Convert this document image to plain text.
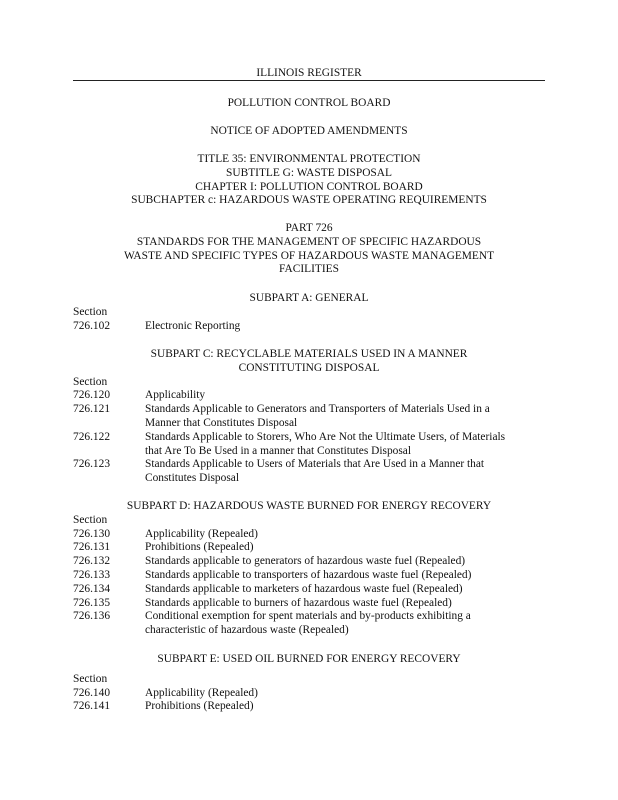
ILLINOIS REGISTER
POLLUTION CONTROL BOARD
NOTICE OF ADOPTED AMENDMENTS
TITLE 35: ENVIRONMENTAL PROTECTION
SUBTITLE G: WASTE DISPOSAL
CHAPTER I: POLLUTION CONTROL BOARD
SUBCHAPTER c: HAZARDOUS WASTE OPERATING REQUIREMENTS
PART 726
STANDARDS FOR THE MANAGEMENT OF SPECIFIC HAZARDOUS
WASTE AND SPECIFIC TYPES OF HAZARDOUS WASTE MANAGEMENT
FACILITIES
SUBPART A: GENERAL
Section
726.102	Electronic Reporting
SUBPART C: RECYCLABLE MATERIALS USED IN A MANNER
CONSTITUTING DISPOSAL
Section
726.120	Applicability
726.121	Standards Applicable to Generators and Transporters of Materials Used in a
Manner that Constitutes Disposal
726.122	Standards Applicable to Storers, Who Are Not the Ultimate Users, of Materials
that Are To Be Used in a manner that Constitutes Disposal
726.123	Standards Applicable to Users of Materials that Are Used in a Manner that
Constitutes Disposal
SUBPART D: HAZARDOUS WASTE BURNED FOR ENERGY RECOVERY
Section
726.130	Applicability (Repealed)
726.131	Prohibitions (Repealed)
726.132	Standards applicable to generators of hazardous waste fuel (Repealed)
726.133	Standards applicable to transporters of hazardous waste fuel (Repealed)
726.134	Standards applicable to marketers of hazardous waste fuel (Repealed)
726.135	Standards applicable to burners of hazardous waste fuel (Repealed)
726.136	Conditional exemption for spent materials and by-products exhibiting a
characteristic of hazardous waste (Repealed)
SUBPART E: USED OIL BURNED FOR ENERGY RECOVERY
Section
726.140	Applicability (Repealed)
726.141	Prohibitions (Repealed)
